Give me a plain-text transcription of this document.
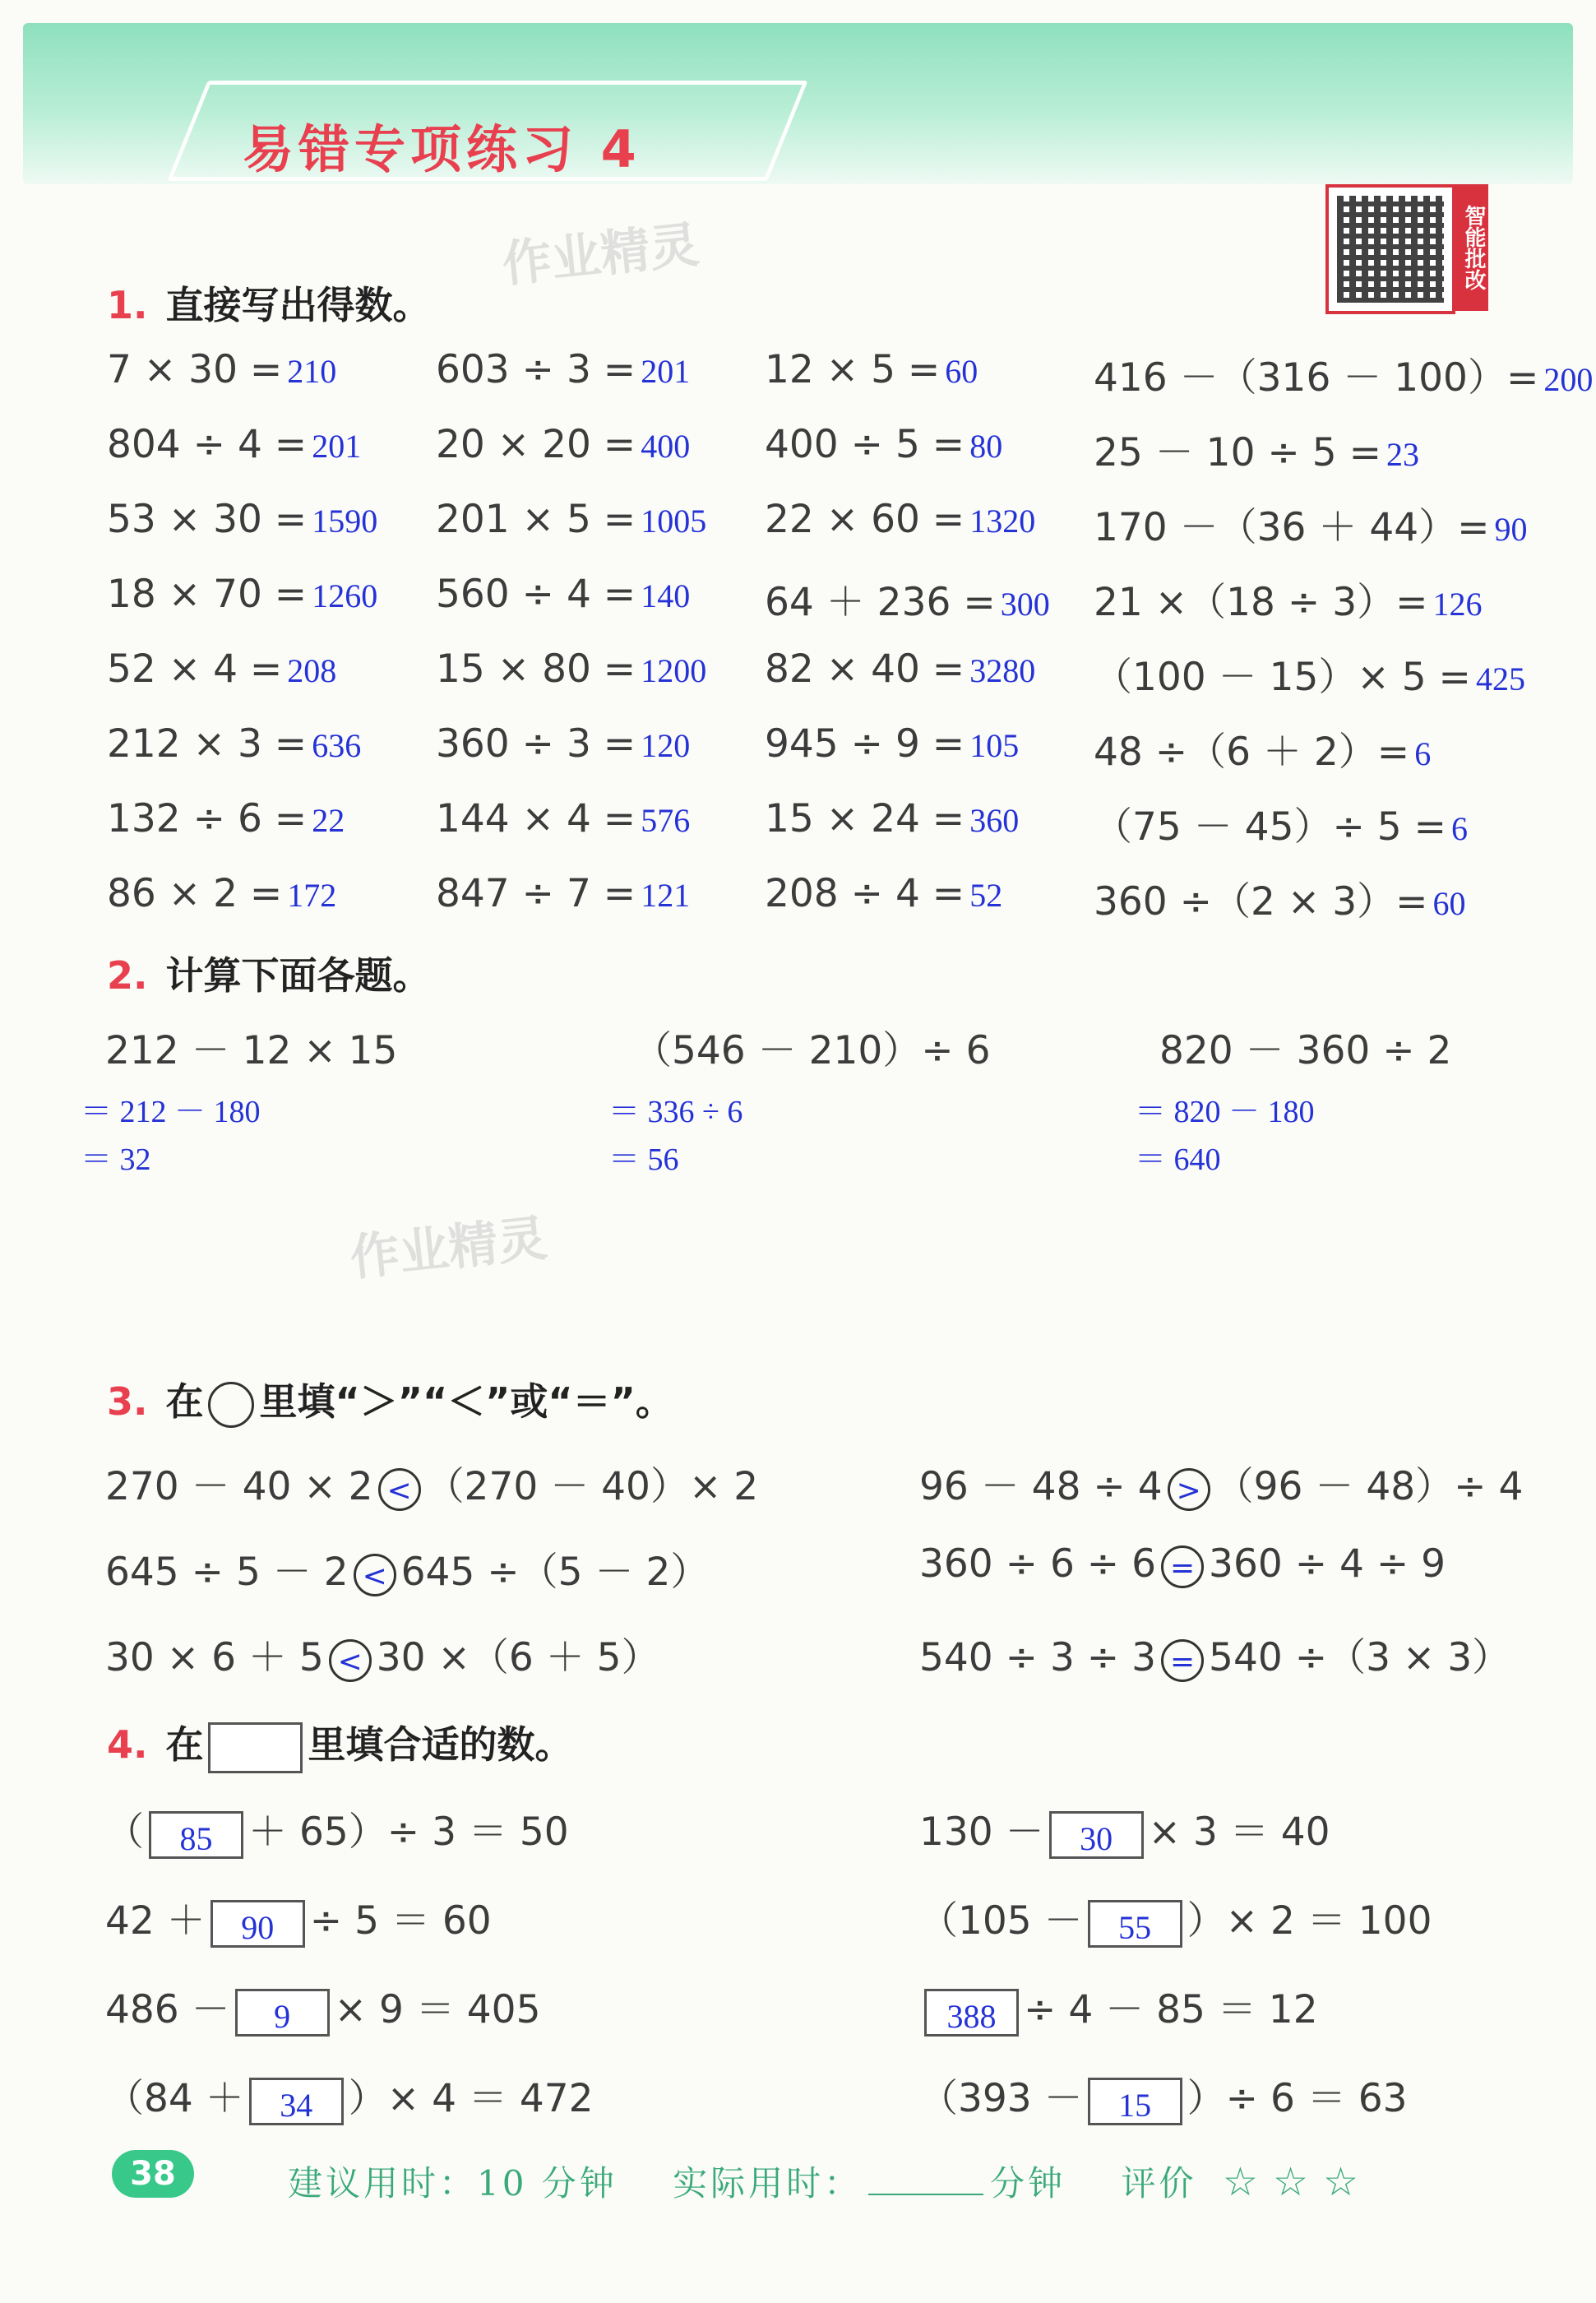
易错专项练习 4
智能批改
作业精灵
作业精灵
1. 直接写出得数。
7 × 30 = 210	603 ÷ 3 = 201 12 × 5 = 60	416 －（316 － 100）= 200
804 ÷ 4 = 201 20 × 20 = 400 400 ÷ 5 = 80 25 － 10 ÷ 5 = 23
53 × 30 = 1590 201 × 5 = 1005 22 × 60 = 1320 170 －（36 ＋ 44）= 90
18 × 70 = 1260 560 ÷ 4 = 140 64 ＋ 236 = 300 21 ×（18 ÷ 3）= 126
52 × 4 = 208	15 × 80 = 1200 82 × 40 = 3280 （100 － 15）× 5 = 425
212 × 3 = 636 360 ÷ 3 = 120 945 ÷ 9 = 105 48 ÷（6 ＋ 2）= 6
132 ÷ 6 = 22 144 × 4 = 576 15 × 24 = 360 （75 － 45）÷ 5 = 6
86 × 2 = 172	847 ÷ 7 = 121 208 ÷ 4 = 52 360 ÷（2 × 3）= 60
2. 计算下面各题。
212 － 12 × 15
＝ 212 － 180
＝ 32
（546 － 210）÷ 6
＝ 336 ÷ 6
＝ 56
820 － 360 ÷ 2
＝ 820 － 180
＝ 640
3. 在 里填“＞”“＜”或“＝”。
270 － 40 × 2 < （270 － 40）× 2	96 － 48 ÷ 4 > （96 － 48）÷ 4
645 ÷ 5 － 2 < 645 ÷（5 － 2）	360 ÷ 6 ÷ 6 = 360 ÷ 4 ÷ 9
30 × 6 ＋ 5 < 30 ×（6 ＋ 5）	540 ÷ 3 ÷ 3 = 540 ÷（3 × 3）
4. 在	里填合适的数。
（ 85 ＋ 65）÷ 3 ＝ 50	130 － 30 × 3 ＝ 40
42 ＋ 90 ÷ 5 ＝ 60	（105 － 55 ）× 2 ＝ 100
486 － 9 × 9 ＝ 405	388 ÷ 4 － 85 ＝ 12
（84 ＋ 34 ）× 4 ＝ 472	（393 － 15 ）÷ 6 ＝ 63
38	建议用时：10 分钟 实际用时：	分钟 评价 ☆ ☆ ☆
